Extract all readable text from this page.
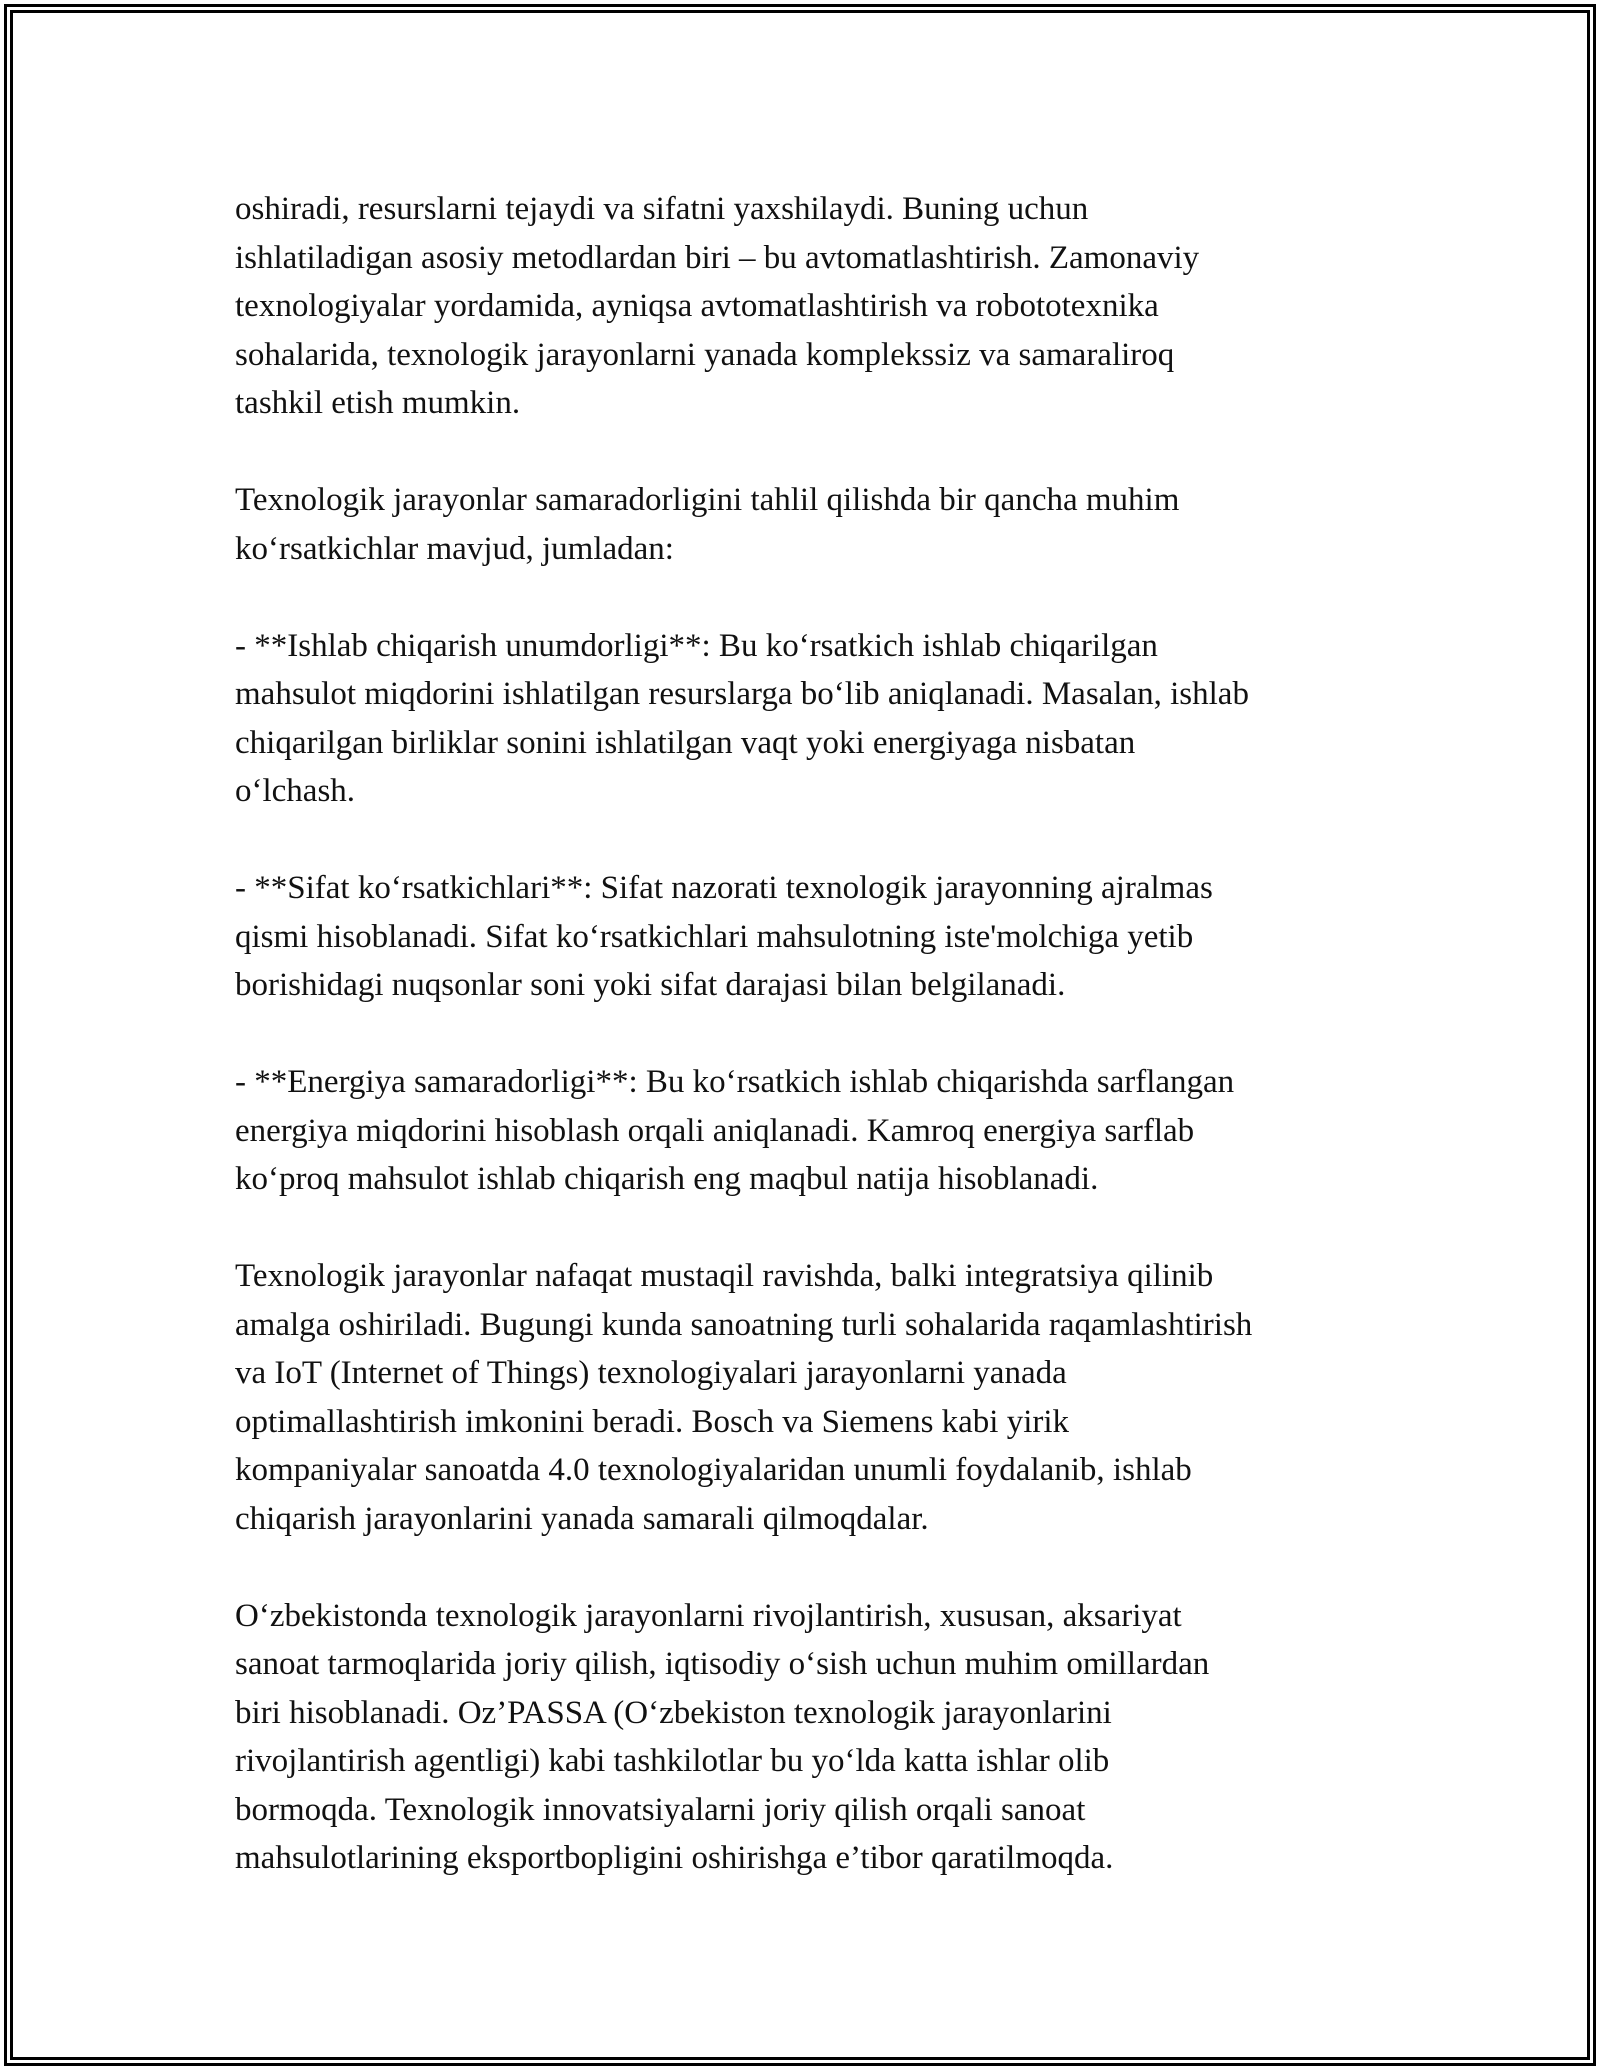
oshiradi, resurslarni tejaydi va sifatni yaxshilaydi. Buning uchun
ishlatiladigan asosiy metodlardan biri – bu avtomatlashtirish. Zamonaviy
texnologiyalar yordamida, ayniqsa avtomatlashtirish va robototexnika
sohalarida, texnologik jarayonlarni yanada komplekssiz va samaraliroq
tashkil etish mumkin.

Texnologik jarayonlar samaradorligini tahlil qilishda bir qancha muhim
ko‘rsatkichlar mavjud, jumladan:

- **Ishlab chiqarish unumdorligi**: Bu ko‘rsatkich ishlab chiqarilgan
mahsulot miqdorini ishlatilgan resurslarga bo‘lib aniqlanadi. Masalan, ishlab
chiqarilgan birliklar sonini ishlatilgan vaqt yoki energiyaga nisbatan
o‘lchash.

- **Sifat ko‘rsatkichlari**: Sifat nazorati texnologik jarayonning ajralmas
qismi hisoblanadi. Sifat ko‘rsatkichlari mahsulotning iste'molchiga yetib
borishidagi nuqsonlar soni yoki sifat darajasi bilan belgilanadi.

- **Energiya samaradorligi**: Bu ko‘rsatkich ishlab chiqarishda sarflangan
energiya miqdorini hisoblash orqali aniqlanadi. Kamroq energiya sarflab
ko‘proq mahsulot ishlab chiqarish eng maqbul natija hisoblanadi.

Texnologik jarayonlar nafaqat mustaqil ravishda, balki integratsiya qilinib
amalga oshiriladi. Bugungi kunda sanoatning turli sohalarida raqamlashtirish
va IoT (Internet of Things) texnologiyalari jarayonlarni yanada
optimallashtirish imkonini beradi. Bosch va Siemens kabi yirik
kompaniyalar sanoatda 4.0 texnologiyalaridan unumli foydalanib, ishlab
chiqarish jarayonlarini yanada samarali qilmoqdalar.

O‘zbekistonda texnologik jarayonlarni rivojlantirish, xususan, aksariyat
sanoat tarmoqlarida joriy qilish, iqtisodiy o‘sish uchun muhim omillardan
biri hisoblanadi. Oz’PASSA (O‘zbekiston texnologik jarayonlarini
rivojlantirish agentligi) kabi tashkilotlar bu yo‘lda katta ishlar olib
bormoqda. Texnologik innovatsiyalarni joriy qilish orqali sanoat
mahsulotlarining eksportbopligini oshirishga e’tibor qaratilmoqda.
